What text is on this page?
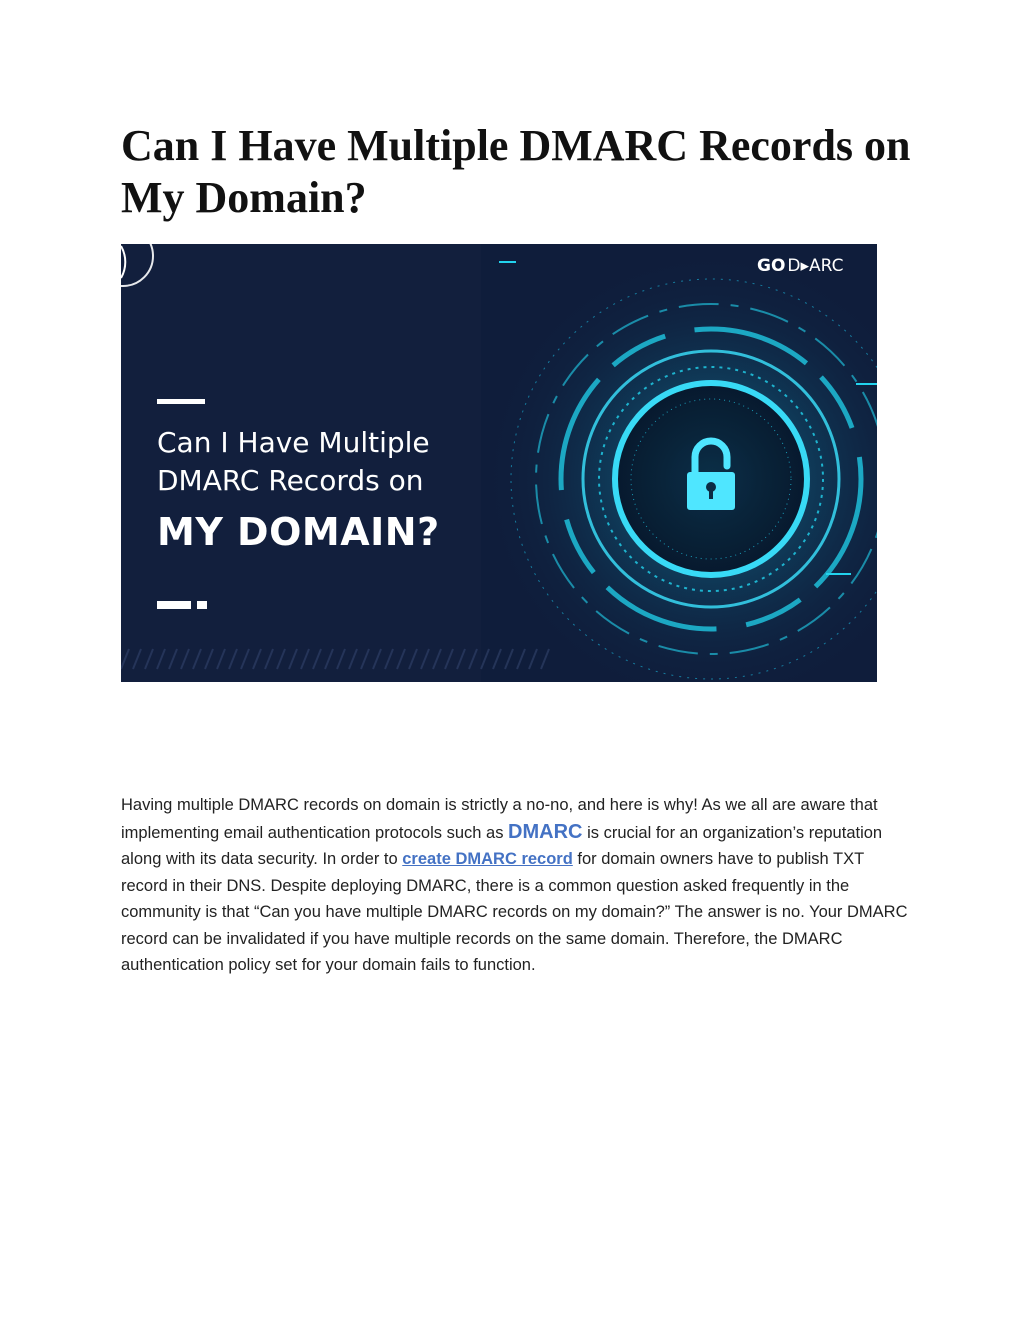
Can I Have Multiple DMARC Records on My Domain?
GO D▸ARC
Can I Have Multiple
DMARC Records on
MY DOMAIN?

Having multiple DMARC records on domain is strictly a no-no, and here is why! As we all are aware that implementing email authentication protocols such as DMARC is crucial for an organization’s reputation along with its data security. In order to create DMARC record for domain owners have to publish TXT record in their DNS. Despite deploying DMARC, there is a common question asked frequently in the community is that “Can you have multiple DMARC records on my domain?” The answer is no. Your DMARC record can be invalidated if you have multiple records on the same domain. Therefore, the DMARC authentication policy set for your domain fails to function.
